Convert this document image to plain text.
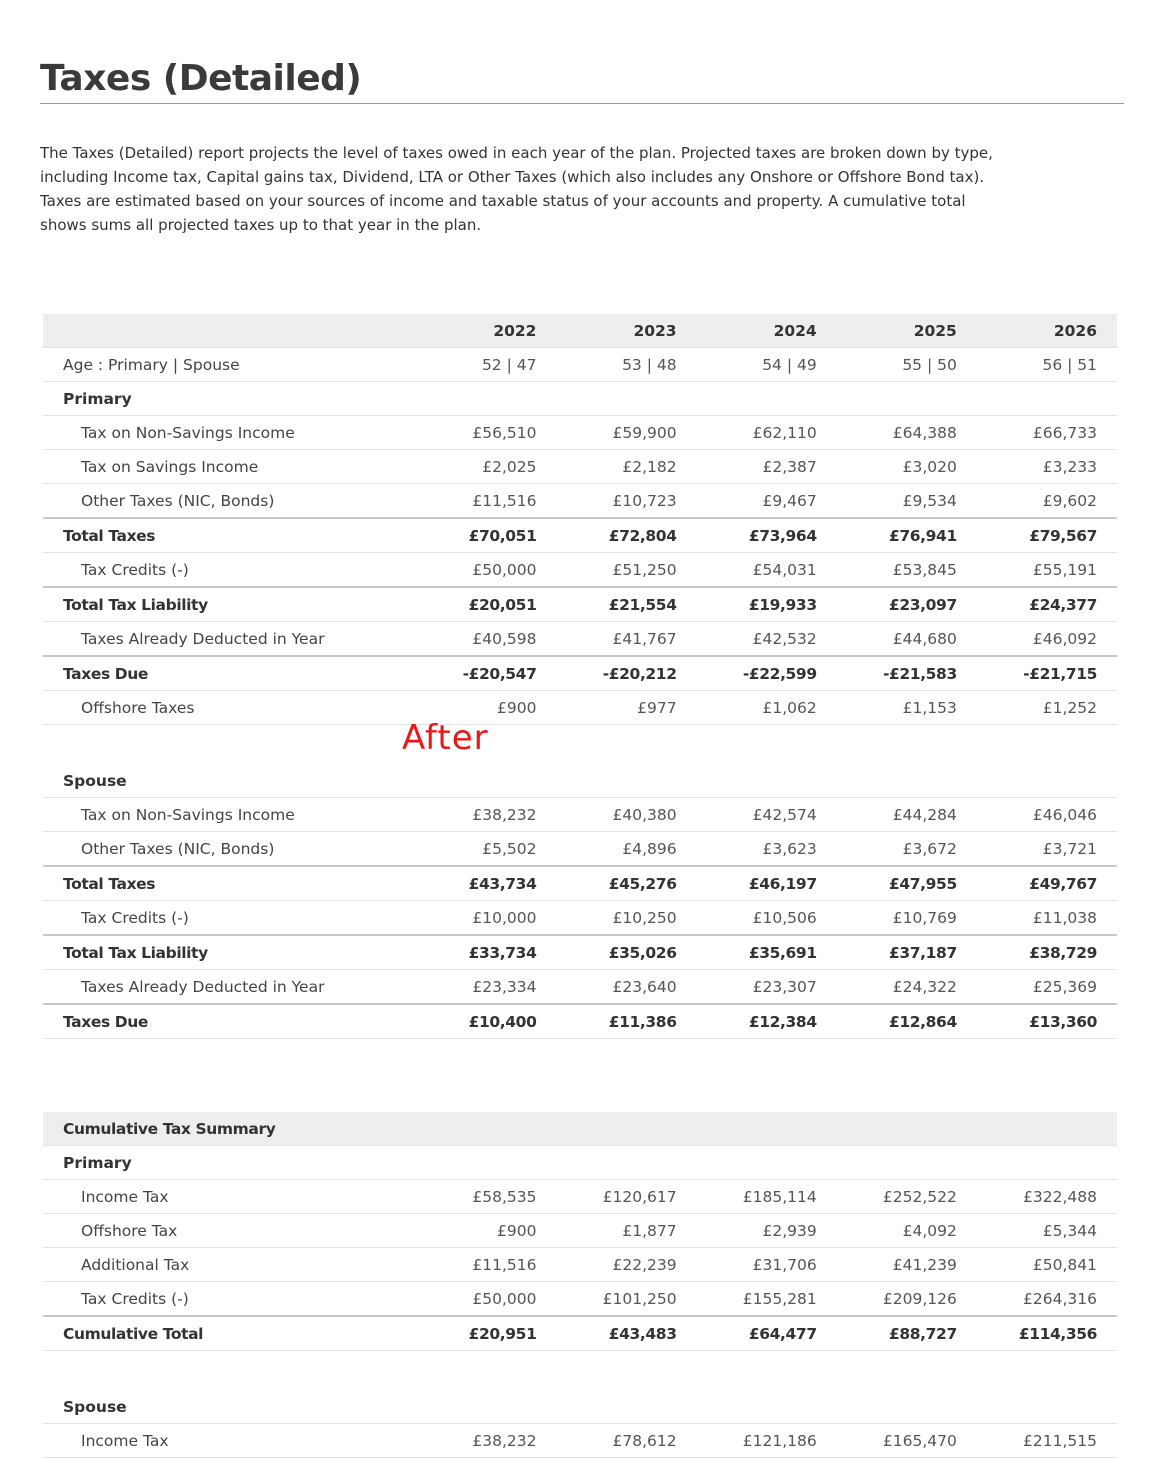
Taxes (Detailed)

The Taxes (Detailed) report projects the level of taxes owed in each year of the plan. Projected taxes are broken down by type, including Income tax, Capital gains tax, Dividend, LTA or Other Taxes (which also includes any Onshore or Offshore Bond tax). Taxes are estimated based on your sources of income and taxable status of your accounts and property. A cumulative total shows sums all projected taxes up to that year in the plan.

	2022	2023	2024	2025	2026
Age : Primary | Spouse	52 | 47	53 | 48	54 | 49	55 | 50	56 | 51
Primary					
Tax on Non-Savings Income	£56,510	£59,900	£62,110	£64,388	£66,733
Tax on Savings Income	£2,025	£2,182	£2,387	£3,020	£3,233
Other Taxes (NIC, Bonds)	£11,516	£10,723	£9,467	£9,534	£9,602
Total Taxes	£70,051	£72,804	£73,964	£76,941	£79,567
Tax Credits (-)	£50,000	£51,250	£54,031	£53,845	£55,191
Total Tax Liability	£20,051	£21,554	£19,933	£23,097	£24,377
Taxes Already Deducted in Year	£40,598	£41,767	£42,532	£44,680	£46,092
Taxes Due	-£20,547	-£20,212	-£22,599	-£21,583	-£21,715
Offshore Taxes	£900	£977	£1,062	£1,153	£1,252

Spouse					
Tax on Non-Savings Income	£38,232	£40,380	£42,574	£44,284	£46,046
Other Taxes (NIC, Bonds)	£5,502	£4,896	£3,623	£3,672	£3,721
Total Taxes	£43,734	£45,276	£46,197	£47,955	£49,767
Tax Credits (-)	£10,000	£10,250	£10,506	£10,769	£11,038
Total Tax Liability	£33,734	£35,026	£35,691	£37,187	£38,729
Taxes Already Deducted in Year	£23,334	£23,640	£23,307	£24,322	£25,369
Taxes Due	£10,400	£11,386	£12,384	£12,864	£13,360
After
Cumulative Tax Summary					
Primary					
Income Tax	£58,535	£120,617	£185,114	£252,522	£322,488
Offshore Tax	£900	£1,877	£2,939	£4,092	£5,344
Additional Tax	£11,516	£22,239	£31,706	£41,239	£50,841
Tax Credits (-)	£50,000	£101,250	£155,281	£209,126	£264,316
Cumulative Total	£20,951	£43,483	£64,477	£88,727	£114,356

Spouse					
Income Tax	£38,232	£78,612	£121,186	£165,470	£211,515
